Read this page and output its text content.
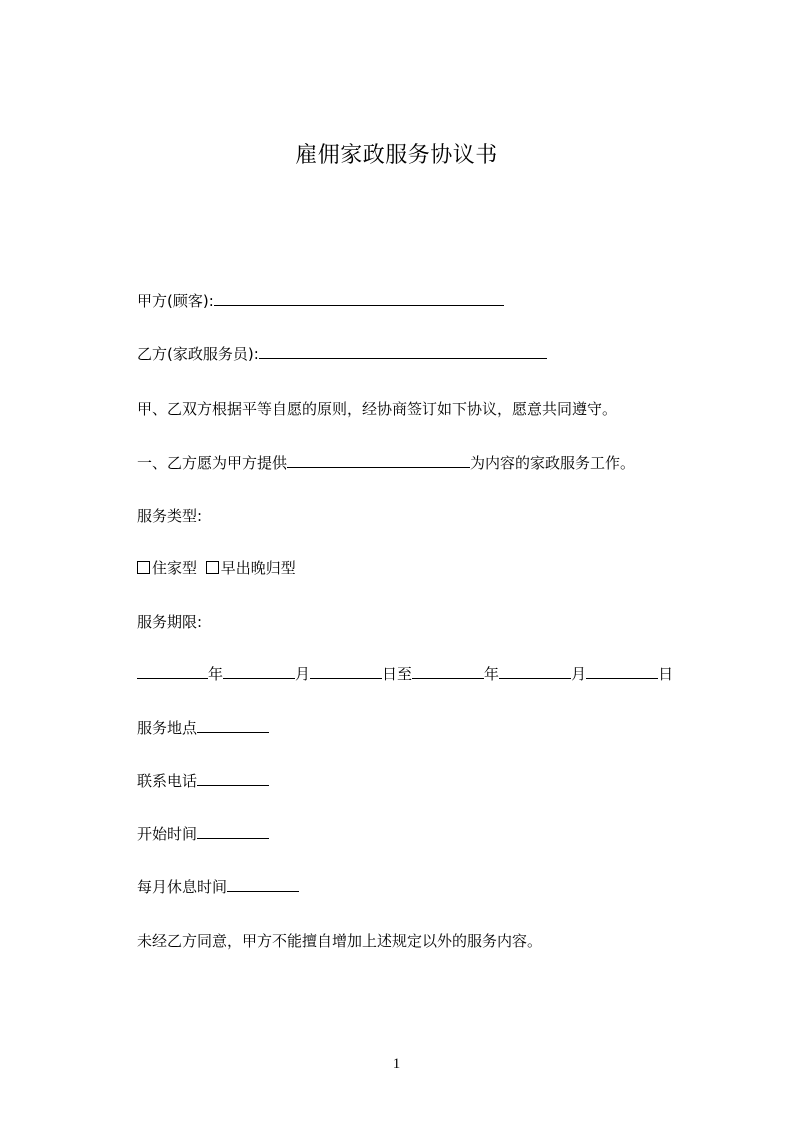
雇佣家政服务协议书
甲方(顾客):
乙方(家政服务员):
甲、乙双方根据平等自愿的原则，经协商签订如下协议，愿意共同遵守。
一、乙方愿为甲方提供	为内容的家政服务工作。
服务类型:
住家型 早出晚归型
服务期限:
年	月	日至	年	月	日
服务地点
联系电话
开始时间
每月休息时间
未经乙方同意，甲方不能擅自增加上述规定以外的服务内容。
1
